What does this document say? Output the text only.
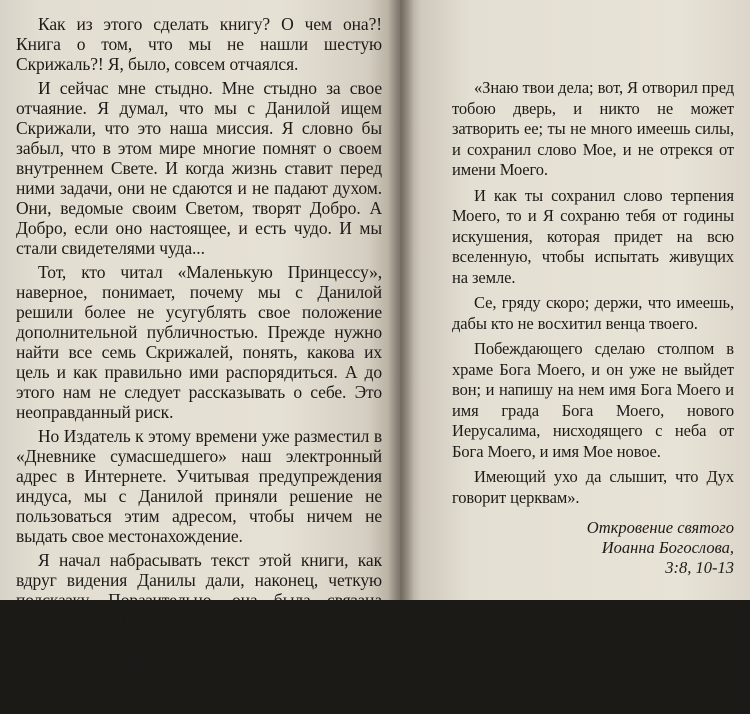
Как из этого сделать книгу? О чем она?! Книга о том, что мы не нашли шестую Скрижаль?! Я, было, совсем отчаялся.

И сейчас мне стыдно. Мне стыдно за свое отчаяние. Я думал, что мы с Данилой ищем Скрижали, что это наша миссия. Я словно бы забыл, что в этом мире многие помнят о своем внутреннем Свете. И когда жизнь ставит перед ними задачи, они не сдаются и не падают духом. Они, ведомые своим Светом, творят Добро. А Добро, если оно настоящее, и есть чудо. И мы стали свидетелями чуда...

Тот, кто читал «Маленькую Принцессу», наверное, понимает, почему мы с Данилой решили более не усугублять свое положение дополнительной публичностью. Прежде нужно найти все семь Скрижалей, понять, какова их цель и как правильно ими распорядиться. А до этого нам не следует рассказывать о себе. Это неоправданный риск.

Но Издатель к этому времени уже разместил в «Дневнике сумасшедшего» наш электронный адрес в Интернете. Учитывая предупреждения индуса, мы с Данилой приняли решение не пользоваться этим адресом, чтобы ничем не выдать свое местонахождение.

Я начал набрасывать текст этой книги, как вдруг видения Данилы дали, наконец, четкую подсказку. Поразительно, она была связана именно с Интернетом. Мы бросились в ближайший компьютерный клуб и обратились к своему электронному почтовому ящику.

Среди сотен и сотен писем нас ждало одно — от Саши.

«Знаю твои дела; вот, Я отворил пред тобою дверь, и никто не может затворить ее; ты не много имеешь силы, и сохранил слово Мое, и не отрекся от имени Моего.

И как ты сохранил слово терпения Моего, то и Я сохраню тебя от годины искушения, которая придет на всю вселенную, чтобы испытать живущих на земле.

Се, гряду скоро; держи, что имеешь, дабы кто не восхитил венца твоего.

Побеждающего сделаю столпом в храме Бога Моего, и он уже не выйдет вон; и напишу на нем имя Бога Моего и имя града Бога Моего, нового Иерусалима, нисходящего с неба от Бога Моего, и имя Мое новое.

Имеющий ухо да слышит, что Дух говорит церквам».

Откровение святого
Иоанна Богослова,
3:8, 10-13
